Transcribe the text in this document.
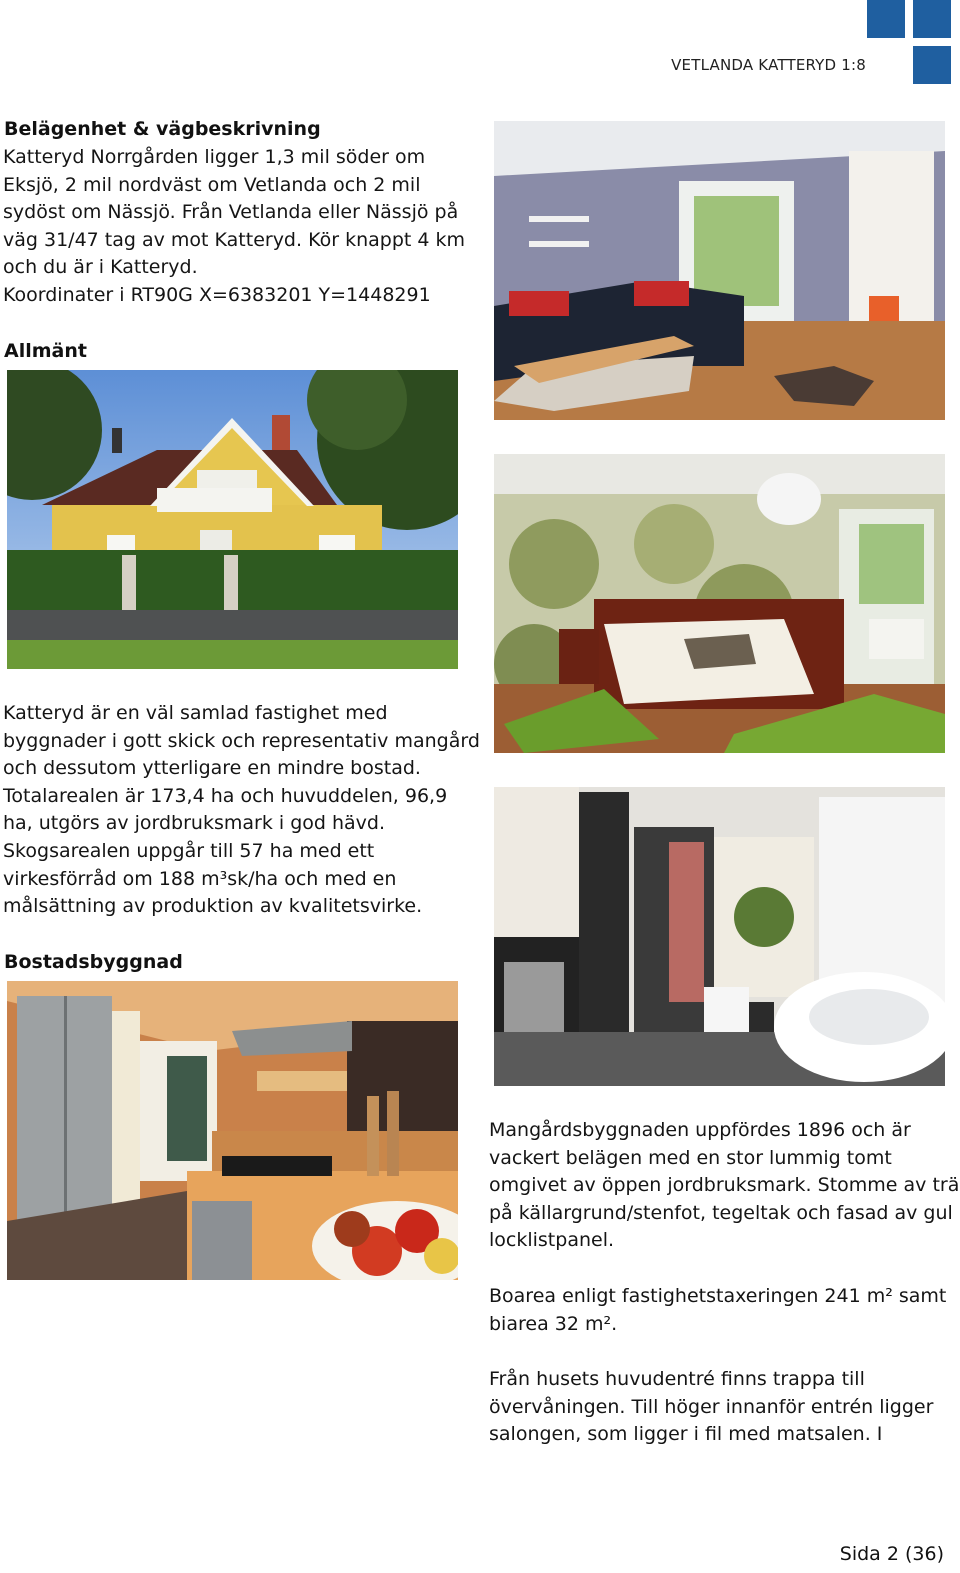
VETLANDA KATTERYD 1:8
Belägenhet & vägbeskrivning

Katteryd Norrgården ligger 1,3 mil söder om
Eksjö, 2 mil nordväst om Vetlanda och 2 mil
sydöst om Nässjö. Från Vetlanda eller Nässjö på
väg 31/47 tag av mot Katteryd. Kör knappt 4 km
och du är i Katteryd.
Koordinater i RT90G X=6383201 Y=1448291

Allmänt

Katteryd är en väl samlad fastighet med
byggnader i gott skick och representativ mangård
och dessutom ytterligare en mindre bostad.
Totalarealen är 173,4 ha och huvuddelen, 96,9
ha, utgörs av jordbruksmark i god hävd.
Skogsarealen uppgår till 57 ha med ett
virkesförråd om 188 m³sk/ha och med en
målsättning av produktion av kvalitetsvirke.

Bostadsbyggnad

Mangårdsbyggnaden uppfördes 1896 och är
vackert belägen med en stor lummig tomt
omgivet av öppen jordbruksmark. Stomme av trä
på källargrund/stenfot, tegeltak och fasad av gul
locklistpanel.

Boarea enligt fastighetstaxeringen 241 m² samt
biarea 32 m².

Från husets huvudentré finns trappa till
övervåningen. Till höger innanför entrén ligger
salongen, som ligger i fil med matsalen. I

Sida 2 (36)
